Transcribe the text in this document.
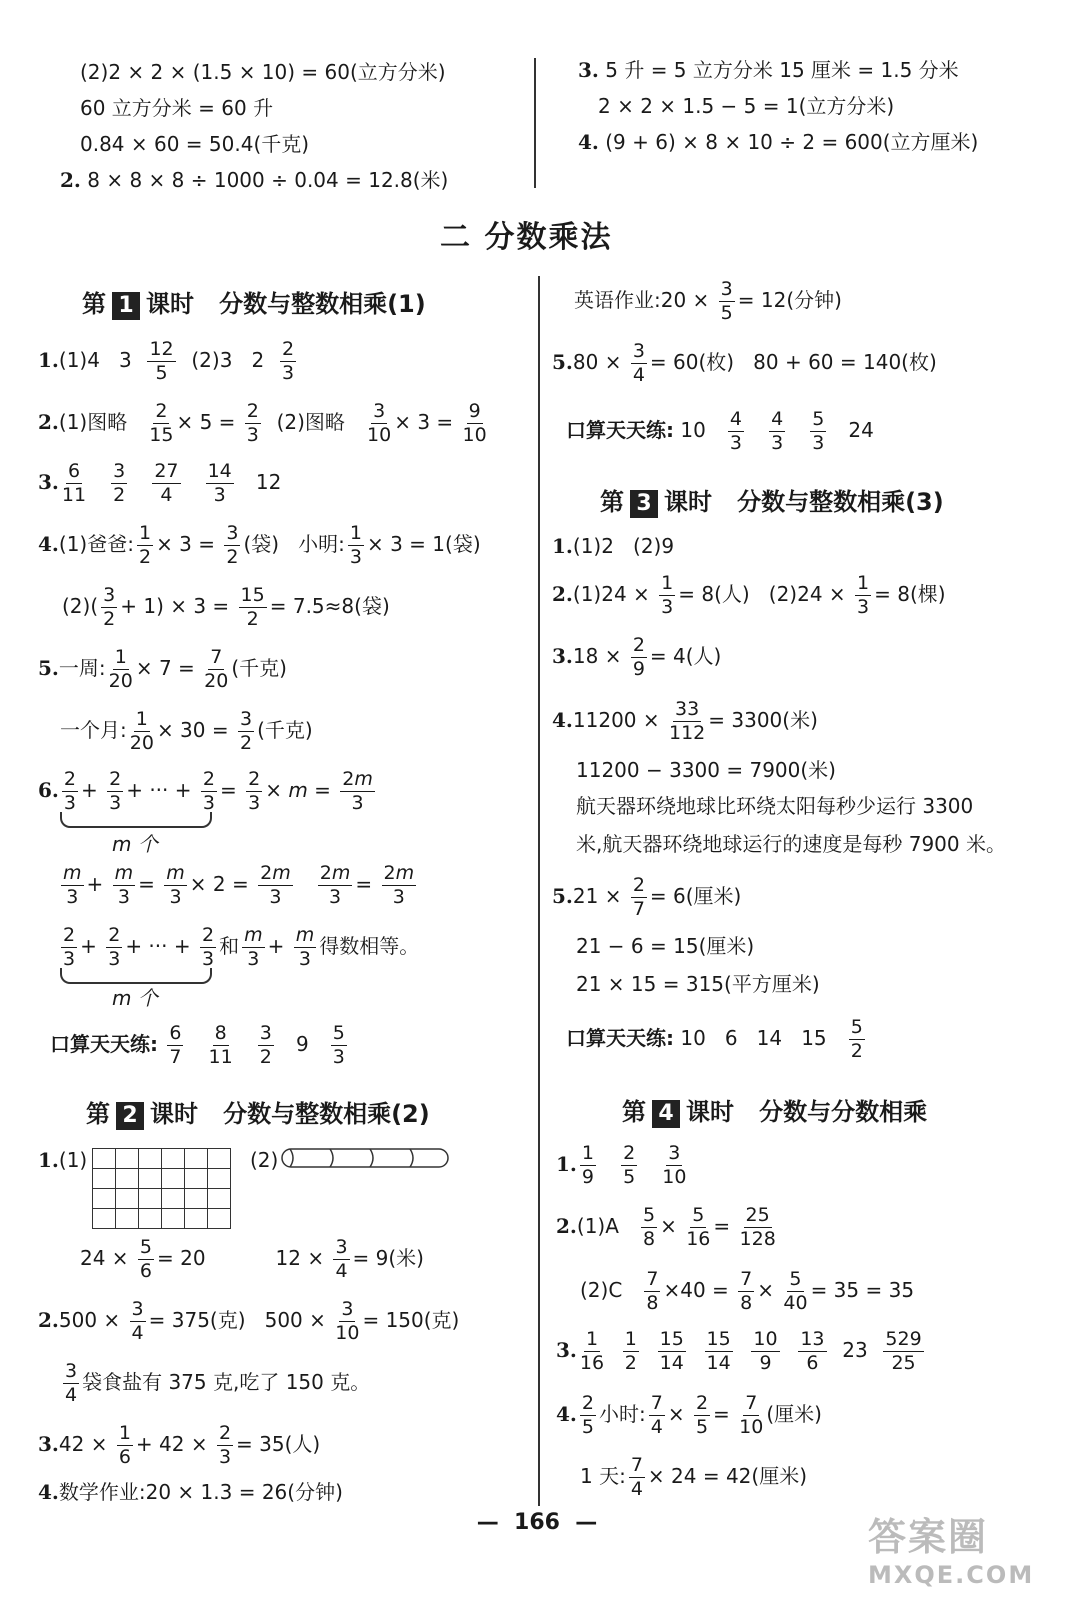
(2)2 × 2 × (1.5 × 10) = 60(立方分米)
60 立方分米 = 60 升
0.84 × 60 = 50.4(千克)
2. 8 × 8 × 8 ÷ 1000 ÷ 0.04 = 12.8(米)
3. 5 升 = 5 立方分米 15 厘米 = 1.5 分米
2 × 2 × 1.5 − 5 = 1(立方分米)
4. (9 + 6) × 8 × 10 ÷ 2 = 600(立方厘米)
二 分数乘法
第 1 课时 分数与整数相乘(1)
1.(1)4   $3 \frac{12}{5} (2)3$   $2 \frac{2}{3}$
2.(1)图略 $\frac{2}{15} \times 5 = \frac{2}{3} (2)$图略 $\frac{3}{10} \times 3 = \frac{9}{10}$
3. $\frac{6}{11}$
$\frac{3}{2}$
$\frac{27}{4}$
$\frac{14}{3} 12$
4.(1)爸爸: $\frac{1}{2} \times 3 = \frac{3}{2}$ (袋)   小明: $\frac{1}{3} \times 3 = 1$(袋)
$(2)( \frac{3}{2} + 1) \times 3 = \frac{15}{2} = 7.5\approx 8$(袋)
5.一周: $\frac{1}{20} \times 7 = \frac{7}{20}$ (千克)
一个月: $\frac{1}{20} \times 30 = \frac{3}{2}$ (千克)
6. $\frac{2}{3} + \frac{2}{3}$ + ··· + $\frac{2}{3} = \frac{2}{3} \times m = \frac{2m}{3}$
m 个
$\frac{m}{3} + \frac{m}{3} = \frac{m}{3} \times 2 = \frac{2m}{3}$
$\frac{2m}{3} = \frac{2m}{3}$
$\frac{2}{3} + \frac{2}{3}$ + ··· + $\frac{2}{3}$ 和 $\frac{m}{3} + \frac{m}{3}$ 得数相等。
m 个
口算天天练: $\frac{6}{7}$
$\frac{8}{11}$
$\frac{3}{2} 9 \frac{5}{3}$
第 2 课时 分数与整数相乘(2)
1.(1)

						(2)
$24 \times \frac{5}{6} = 20$           $12 \times \frac{3}{4} = 9$(米)
$2.500 \times \frac{3}{4} = 375$(克)   $500 \times \frac{3}{10} = 150$(克)
$\frac{3}{4}$ 袋食盐有 375 克,吃了 150 克。
$3.42 \times \frac{1}{6} + 42 \times \frac{2}{3} = 35$(人)
4.数学作业:20 × 1.3 = 26(分钟)
英语作业:20 × $\frac{3}{5} = 12$(分钟)
$5.80 \times \frac{3}{4} = 60$(枚)   80 + 60 = 140(枚)
口算天天练: $10 \frac{4}{3}$
$\frac{4}{3}$
$\frac{5}{3} 24$
第 3 课时 分数与整数相乘(3)
1.(1)2   (2)9
$2.(1)24 \times \frac{1}{3} = 8$(人)   $(2)24 \times \frac{1}{3} = 8$(棵)
$3.18 \times \frac{2}{9} = 4$(人)
$4.11200 \times \frac{33}{112} = 3300$(米)
11200 − 3300 = 7900(米)
航天器环绕地球比环绕太阳每秒少运行 3300
米,航天器环绕地球运行的速度是每秒 7900 米。
$5.21 \times \frac{2}{7} = 6$(厘米)
21 − 6 = 15(厘米)
21 × 15 = 315(平方厘米)
口算天天练: 10   6   14   $15 \frac{5}{2}$
第 4 课时 分数与分数相乘
1. $\frac{1}{9}$
$\frac{2}{5}$
$\frac{3}{10}$
$2.(1)A \frac{5}{8} \times \frac{5}{16} = \frac{25}{128}$
$(2)C \frac{7}{8} \times 40 = \frac{7}{8} \times \frac{5}{40} = 35 = 35$
3. $\frac{1}{16}$
$\frac{1}{2}$
$\frac{15}{14}$
$\frac{15}{14}$
$\frac{10}{9}$
$\frac{13}{6} 23 \frac{529}{25}$
4. $\frac{2}{5}$ 小时: $\frac{7}{4} \times \frac{2}{5} = \frac{7}{10}$ (厘米)
1 天: $\frac{7}{4} \times 24 = 42$(厘米)
—  166  —	答案圈
MXQE.COM
